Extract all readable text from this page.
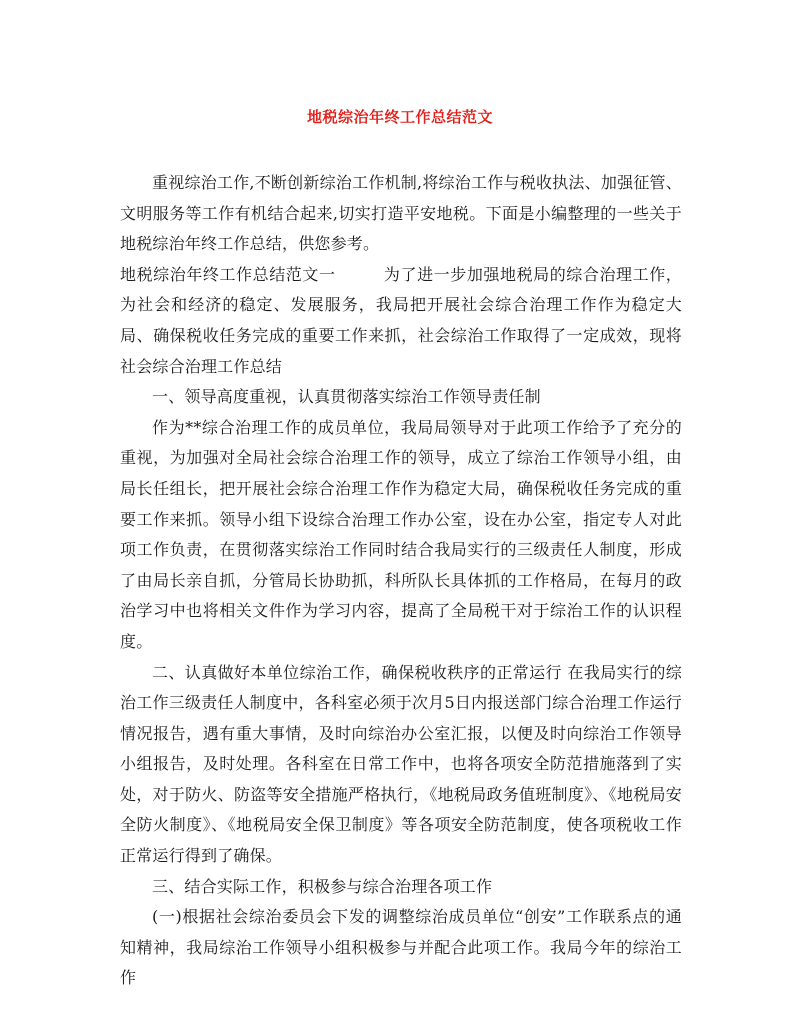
地税综治年终工作总结范文

重视综治工作,不断创新综治工作机制,将综治工作与税收执法、加强征管、文明服务等工作有机结合起来,切实打造平安地税。下面是小编整理的一些关于地税综治年终工作总结，供您参考。

地税综治年终工作总结范文一	为了进一步加强地税局的综合治理工作，为社会和经济的稳定、发展服务，我局把开展社会综合治理工作作为稳定大局、确保税收任务完成的重要工作来抓，社会综治工作取得了一定成效，现将社会综合治理工作总结

一、领导高度重视，认真贯彻落实综治工作领导责任制

作为**综合治理工作的成员单位，我局局领导对于此项工作给予了充分的重视，为加强对全局社会综合治理工作的领导，成立了综治工作领导小组，由局长任组长，把开展社会综合治理工作作为稳定大局，确保税收任务完成的重要工作来抓。领导小组下设综合治理工作办公室，设在办公室，指定专人对此项工作负责，在贯彻落实综治工作同时结合我局实行的三级责任人制度，形成了由局长亲自抓，分管局长协助抓，科所队长具体抓的工作格局，在每月的政治学习中也将相关文件作为学习内容，提高了全局税干对于综治工作的认识程度。

二、认真做好本单位综治工作，确保税收秩序的正常运行 在我局实行的综治工作三级责任人制度中，各科室必须于次月5日内报送部门综合治理工作运行情况报告，遇有重大事情，及时向综治办公室汇报，以便及时向综治工作领导小组报告，及时处理。各科室在日常工作中，也将各项安全防范措施落到了实处，对于防火、防盗等安全措施严格执行，《地税局政务值班制度》、《地税局安全防火制度》、《地税局安全保卫制度》等各项安全防范制度，使各项税收工作正常运行得到了确保。

三、结合实际工作，积极参与综合治理各项工作

(一)根据社会综治委员会下发的调整综治成员单位“创安”工作联系点的通知精神，我局综治工作领导小组积极参与并配合此项工作。我局今年的综治工作
